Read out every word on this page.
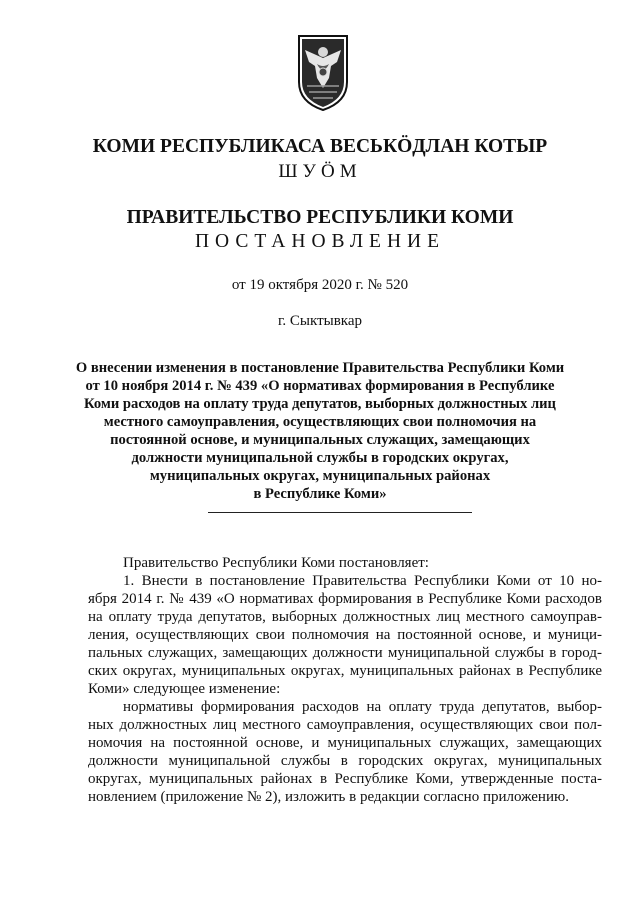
КОМИ РЕСПУБЛИКАСА ВЕСЬКӦДЛАН КОТЫР
ШУӦМ
ПРАВИТЕЛЬСТВО РЕСПУБЛИКИ КОМИ
ПОСТАНОВЛЕНИЕ
от 19 октября 2020 г. № 520
г. Сыктывкар
О внесении изменения в постановление Правительства Республики Коми
от 10 ноября 2014 г. № 439 «О нормативах формирования в Республике
Коми расходов на оплату труда депутатов, выборных должностных лиц
местного самоуправления, осуществляющих свои полномочия на
постоянной основе, и муниципальных служащих, замещающих
должности муниципальной службы в городских округах,
муниципальных округах, муниципальных районах
в Республике Коми»
Правительство Республики Коми постановляет:
1. Внести в постановление Правительства Республики Коми от 10 но-
ября 2014 г. № 439 «О нормативах формирования в Республике Коми расходов
на оплату труда депутатов, выборных должностных лиц местного самоуправ-
ления, осуществляющих свои полномочия на постоянной основе, и муници-
пальных служащих, замещающих должности муниципальной службы в город-
ских округах, муниципальных округах, муниципальных районах в Республике
Коми» следующее изменение:
нормативы формирования расходов на оплату труда депутатов, выбор-
ных должностных лиц местного самоуправления, осуществляющих свои пол-
номочия на постоянной основе, и муниципальных служащих, замещающих
должности муниципальной службы в городских округах, муниципальных
округах, муниципальных районах в Республике Коми, утвержденные поста-
новлением (приложение № 2), изложить в редакции согласно приложению.
